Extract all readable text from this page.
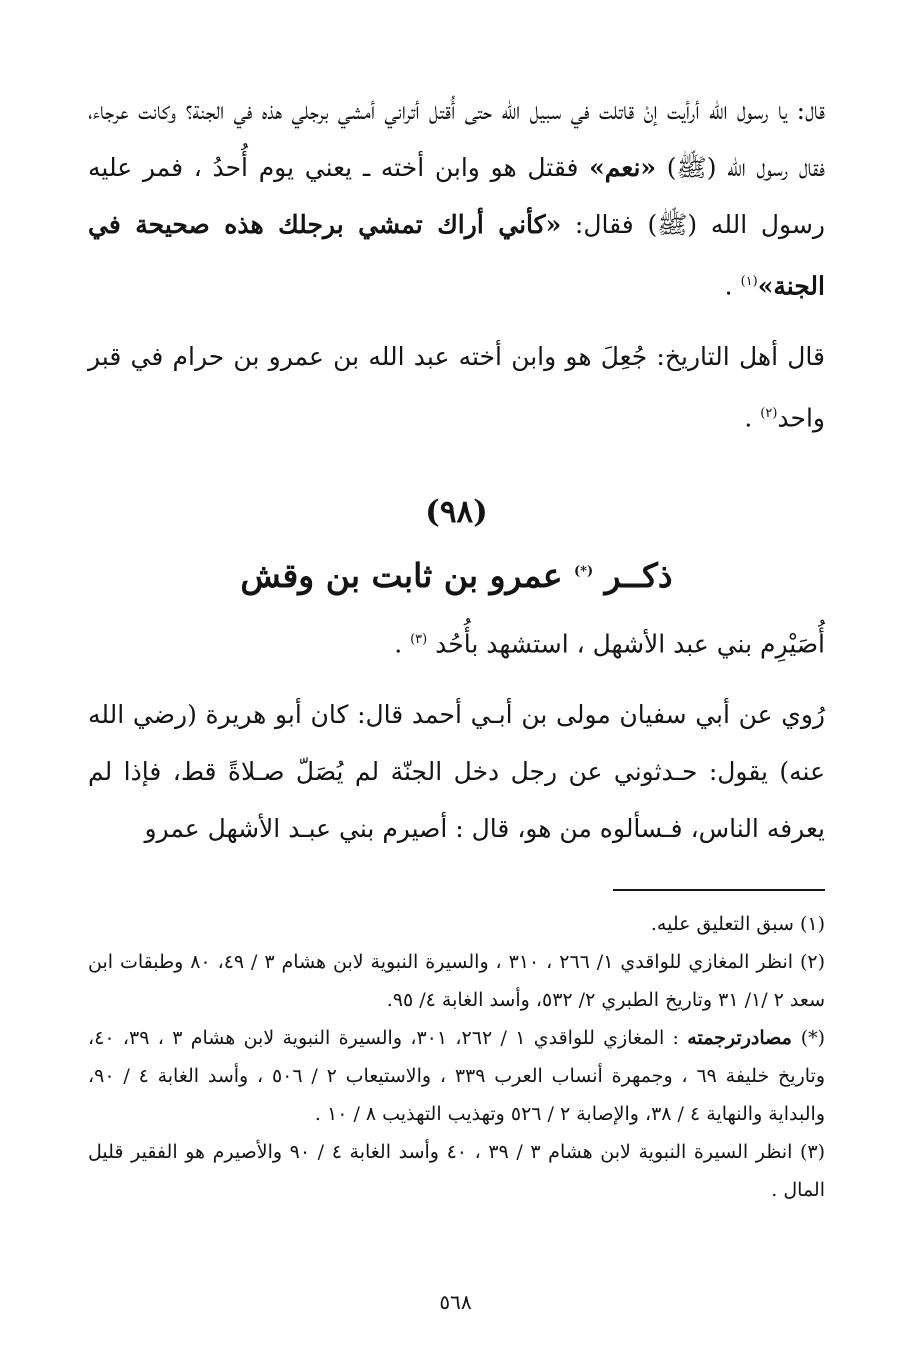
قال: يا رسول الله أرأيت إنْ قاتلت في سبيل الله حتى أُقتل أتراني أمشي برجلي هذه في الجنة؟ وكانت عرجاء، فقال رسول الله (ﷺ) «نعم» فقتل هو وابن أخته ـ يعني يوم أُحدُ ، فمر عليه رسول الله (ﷺ) فقال: «كأني أراك تمشي برجلك هذه صحيحة في الجنة»$^{(١)}$ .

قال أهل التاريخ: جُعِلَ هو وابن أخته عبد الله بن عمرو بن حرام في قبر واحد$^{(٢)}$ .

(٩٨)
ذكــر (*) عمرو بن ثابت بن وقش

أُصَيْرِم بني عبد الأشهل ، استشهد بأُحُد $^{(٣)}$ .

رُوي عن أبي سفيان مولى بن أبـي أحمد قال: كان أبو هريرة (رضي الله عنه) يقول: حـدثوني عن رجل دخل الجنّة لم يُصَلّ صـلاةً قط، فإذا لم يعرفه الناس، فـسألوه من هو، قال : أصيرم بني عبـد الأشهل عمرو

(١) سبق التعليق عليه.

(٢) انظر المغازي للواقدي ١/ ٢٦٦ ، ٣١٠ ، والسيرة النبوية لابن هشام ٣ / ٤٩، ٨٠ وطبقات ابن سعد ٢ /١/ ٣١ وتاريخ الطبري ٢/ ٥٣٢، وأسد الغابة ٤/ ٩٥.

(*) مصادرترجمته : المغازي للواقدي ١ / ٢٦٢، ٣٠١، والسيرة النبوية لابن هشام ٣ ، ٣٩، ٤٠، وتاريخ خليفة ٦٩ ، وجمهرة أنساب العرب ٣٣٩ ، والاستيعاب ٢ / ٥٠٦ ، وأسد الغابة ٤ / ٩٠، والبداية والنهاية ٤ / ٣٨، والإصابة ٢ / ٥٢٦ وتهذيب التهذيب ٨ / ١٠ .

(٣) انظر السيرة النبوية لابن هشام ٣ / ٣٩ ، ٤٠ وأسد الغابة ٤ / ٩٠ والأصيرم هو الفقير قليل المال .

٥٦٨
